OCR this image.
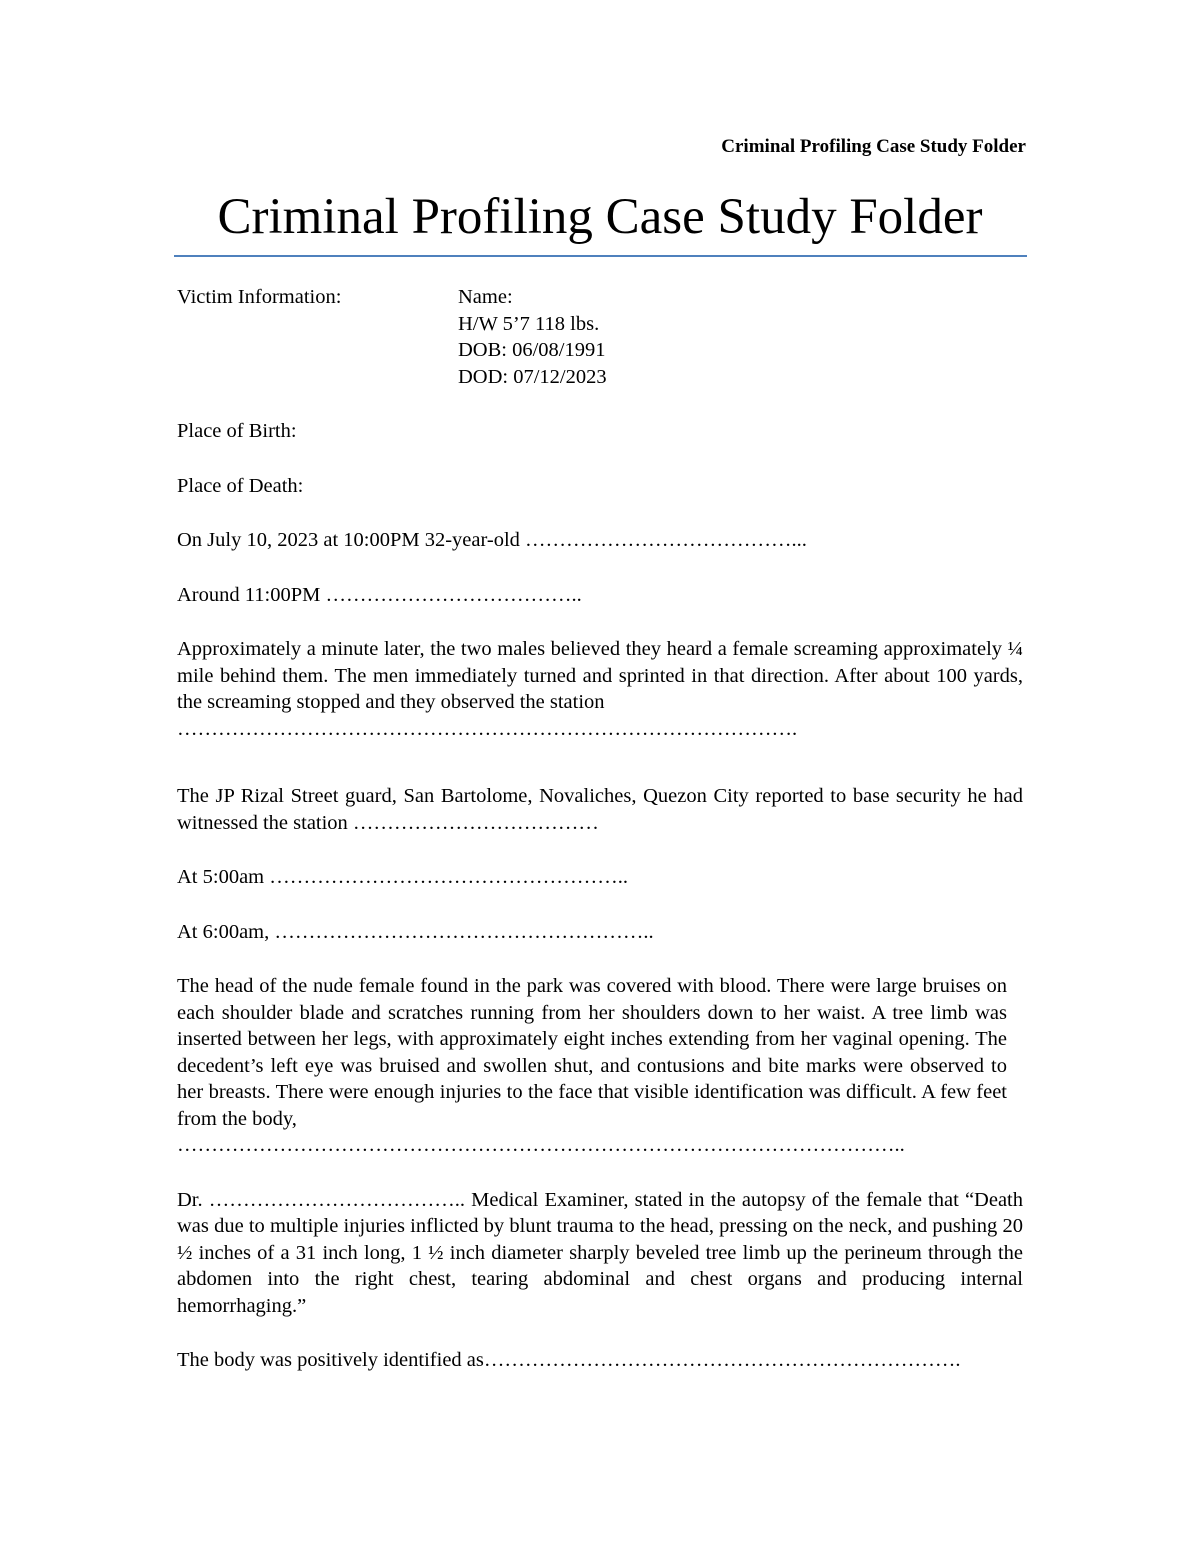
Criminal Profiling Case Study Folder
Criminal Profiling Case Study Folder
Victim Information:	Name:
H/W 5’7 118 lbs.
DOB: 06/08/1991
DOD: 07/12/2023

Place of Birth:

Place of Death:

On July 10, 2023 at 10:00PM 32-year-old …………………………………...

Around 11:00PM ………………………………..

Approximately a minute later, the two males believed they heard a female screaming approximately ¼ mile behind them. The men immediately turned and sprinted in that direction. After about 100 yards, the screaming stopped and they observed the station
……………………………………………………………………………….

The JP Rizal Street guard, San Bartolome, Novaliches, Quezon City reported to base security he had witnessed the station ………………………………

At 5:00am ……………………………………………..

At 6:00am, ………………………………………………..

The head of the nude female found in the park was covered with blood. There were large bruises on each shoulder blade and scratches running from her shoulders down to her waist. A tree limb was inserted between her legs, with approximately eight inches extending from her vaginal opening. The decedent’s left eye was bruised and swollen shut, and contusions and bite marks were observed to her breasts. There were enough injuries to the face that visible identification was difficult. A few feet from the body,
……………………………………………………………………………………………..

Dr. ……………………………….. Medical Examiner, stated in the autopsy of the female that “Death was due to multiple injuries inflicted by blunt trauma to the head, pressing on the neck, and pushing 20 ½ inches of a 31 inch long, 1 ½ inch diameter sharply beveled tree limb up the perineum through the abdomen into the right chest, tearing abdominal and chest organs and producing internal hemorrhaging.”

The body was positively identified as…………………………………………………………….
